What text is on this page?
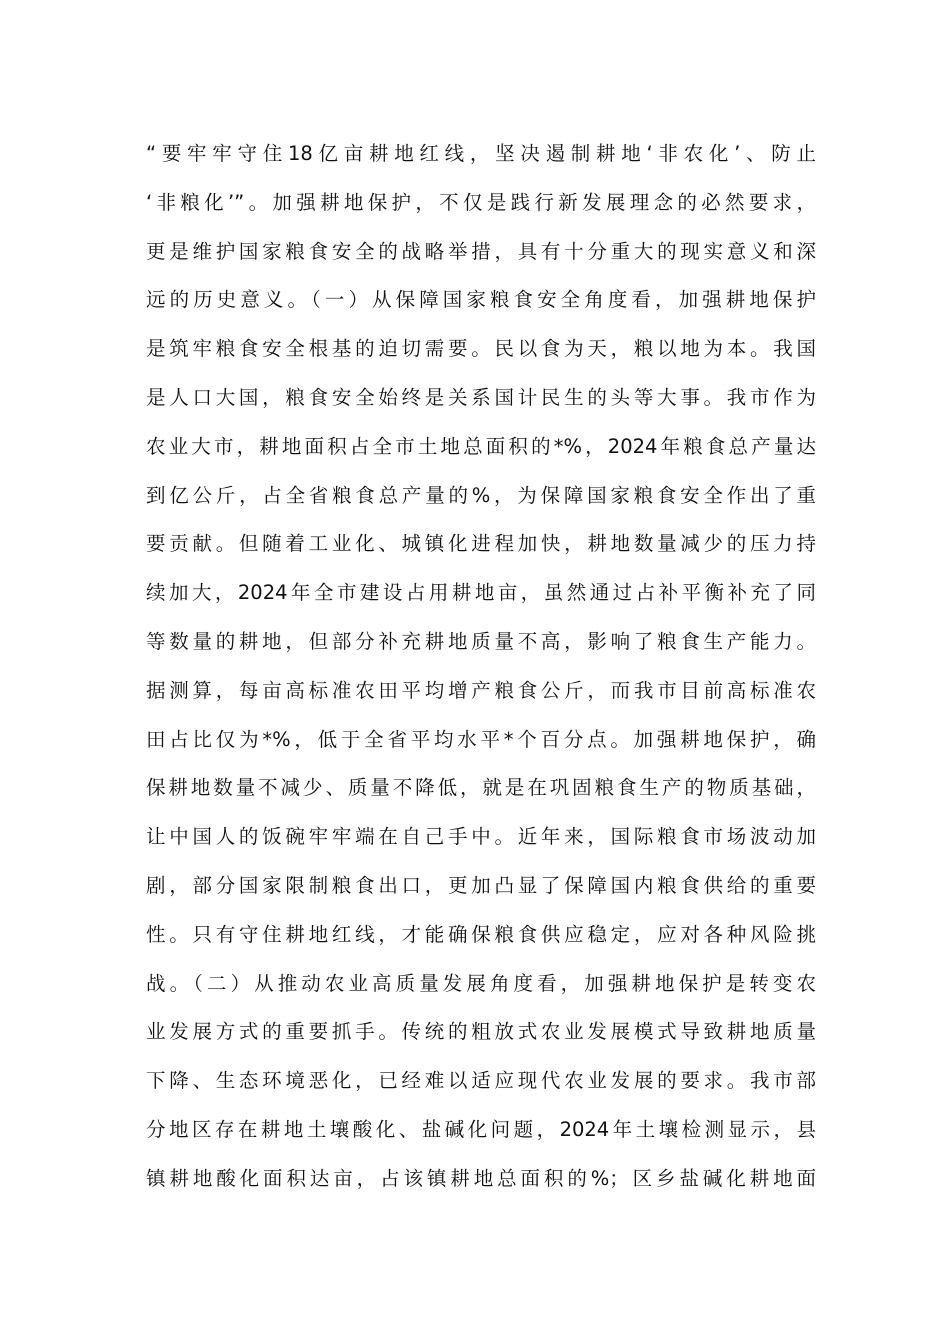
“要牢牢守住18亿亩耕地红线，坚决遏制耕地‘非农化’、防止
‘非粮化’”。加强耕地保护，不仅是践行新发展理念的必然要求，
更是维护国家粮食安全的战略举措，具有十分重大的现实意义和深
远的历史意义。（一）从保障国家粮食安全角度看，加强耕地保护
是筑牢粮食安全根基的迫切需要。民以食为天，粮以地为本。我国
是人口大国，粮食安全始终是关系国计民生的头等大事。我市作为
农业大市，耕地面积占全市土地总面积的*%，2024年粮食总产量达
到亿公斤，占全省粮食总产量的%，为保障国家粮食安全作出了重
要贡献。但随着工业化、城镇化进程加快，耕地数量减少的压力持
续加大，2024年全市建设占用耕地亩，虽然通过占补平衡补充了同
等数量的耕地，但部分补充耕地质量不高，影响了粮食生产能力。
据测算，每亩高标准农田平均增产粮食公斤，而我市目前高标准农
田占比仅为*%，低于全省平均水平*个百分点。加强耕地保护，确
保耕地数量不减少、质量不降低，就是在巩固粮食生产的物质基础，
让中国人的饭碗牢牢端在自己手中。近年来，国际粮食市场波动加
剧，部分国家限制粮食出口，更加凸显了保障国内粮食供给的重要
性。只有守住耕地红线，才能确保粮食供应稳定，应对各种风险挑
战。（二）从推动农业高质量发展角度看，加强耕地保护是转变农
业发展方式的重要抓手。传统的粗放式农业发展模式导致耕地质量
下降、生态环境恶化，已经难以适应现代农业发展的要求。我市部
分地区存在耕地土壤酸化、盐碱化问题，2024年土壤检测显示，县
镇耕地酸化面积达亩，占该镇耕地总面积的%；区乡盐碱化耕地面
